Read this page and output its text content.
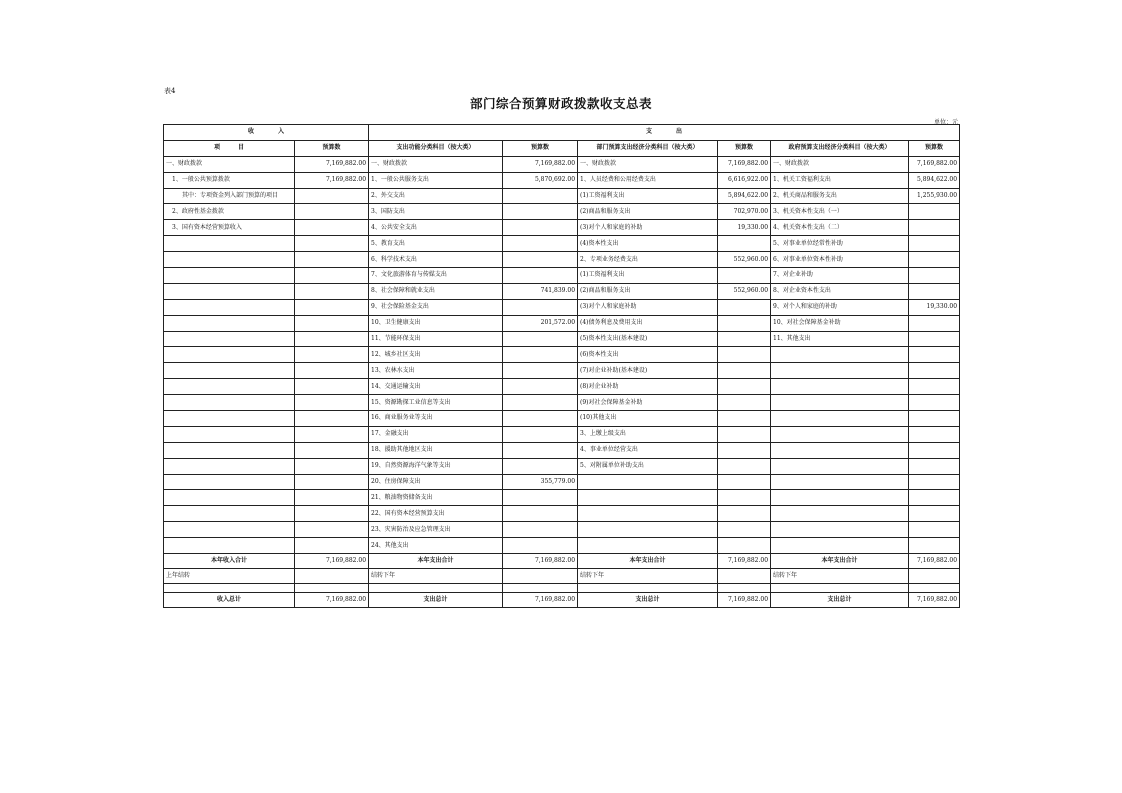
表4
部门综合预算财政拨款收支总表
单位：元
收　　　　入		支　　　　出					
项　　　目	预算数	支出功能分类科目（按大类）	预算数	部门预算支出经济分类科目（按大类）	预算数	政府预算支出经济分类科目（按大类）	预算数
一、财政拨款	7,169,882.00	一、财政拨款	7,169,882.00	一、财政拨款	7,169,882.00	一、财政拨款	7,169,882.00
1、一般公共预算拨款	7,169,882.00	1、一般公共服务支出	5,870,692.00	1、人员经费和公用经费支出	6,616,922.00	1、机关工资福利支出	5,894,622.00
其中：专项资金列入部门预算的项目		2、外交支出		(1)工资福利支出	5,894,622.00	2、机关商品和服务支出	1,255,930.00
2、政府性基金拨款		3、国防支出		(2)商品和服务支出	702,970.00	3、机关资本性支出（一）	
3、国有资本经营预算收入		4、公共安全支出		(3)对个人和家庭的补助	19,330.00	4、机关资本性支出（二）	
		5、教育支出		(4)资本性支出		5、对事业单位经常性补助	
		6、科学技术支出		2、专项业务经费支出	552,960.00	6、对事业单位资本性补助	
		7、文化旅游体育与传媒支出		(1)工资福利支出		7、对企业补助	
		8、社会保障和就业支出	741,839.00	(2)商品和服务支出	552,960.00	8、对企业资本性支出	
		9、社会保险基金支出		(3)对个人和家庭补助		9、对个人和家庭的补助	19,330.00
		10、卫生健康支出	201,572.00	(4)债务利息及费用支出		10、对社会保障基金补助	
		11、节能环保支出		(5)资本性支出(基本建设)		11、其他支出	
		12、城乡社区支出		(6)资本性支出			
		13、农林水支出		(7)对企业补助(基本建设)			
		14、交通运输支出		(8)对企业补助			
		15、资源勘探工业信息等支出		(9)对社会保障基金补助			
		16、商业服务业等支出		(10)其他支出			
		17、金融支出		3、上缴上级支出			
		18、援助其他地区支出		4、事业单位经营支出			
		19、自然资源海洋气象等支出		5、对附属单位补助支出			
		20、住房保障支出	355,779.00				
		21、粮油物资储备支出					
		22、国有资本经营预算支出					
		23、灾害防治及应急管理支出					
		24、其他支出					
本年收入合计	7,169,882.00	本年支出合计	7,169,882.00	本年支出合计	7,169,882.00	本年支出合计	7,169,882.00
上年结转		结转下年		结转下年		结转下年	

收入总计	7,169,882.00	支出总计	7,169,882.00	支出总计	7,169,882.00	支出总计	7,169,882.00
